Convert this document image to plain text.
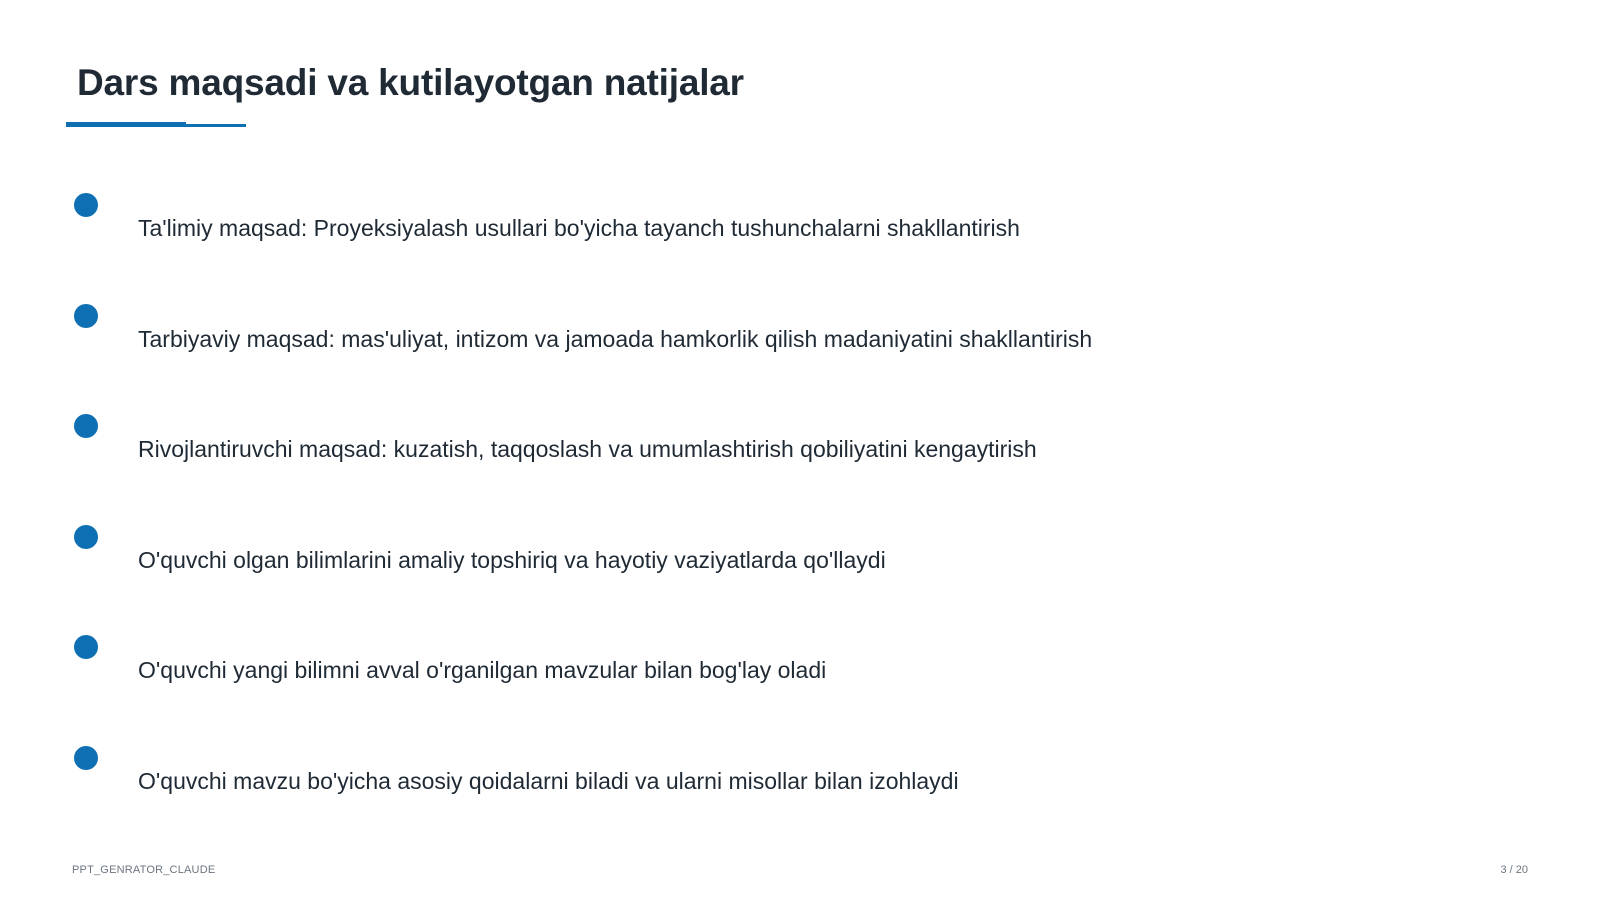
Dars maqsadi va kutilayotgan natijalar
Ta'limiy maqsad: Proyeksiyalash usullari bo'yicha tayanch tushunchalarni shakllantirish
Tarbiyaviy maqsad: mas'uliyat, intizom va jamoada hamkorlik qilish madaniyatini shakllantirish
Rivojlantiruvchi maqsad: kuzatish, taqqoslash va umumlashtirish qobiliyatini kengaytirish
O'quvchi olgan bilimlarini amaliy topshiriq va hayotiy vaziyatlarda qo'llaydi
O'quvchi yangi bilimni avval o'rganilgan mavzular bilan bog'lay oladi
O'quvchi mavzu bo'yicha asosiy qoidalarni biladi va ularni misollar bilan izohlaydi
PPT_GENRATOR_CLAUDE	3 / 20
